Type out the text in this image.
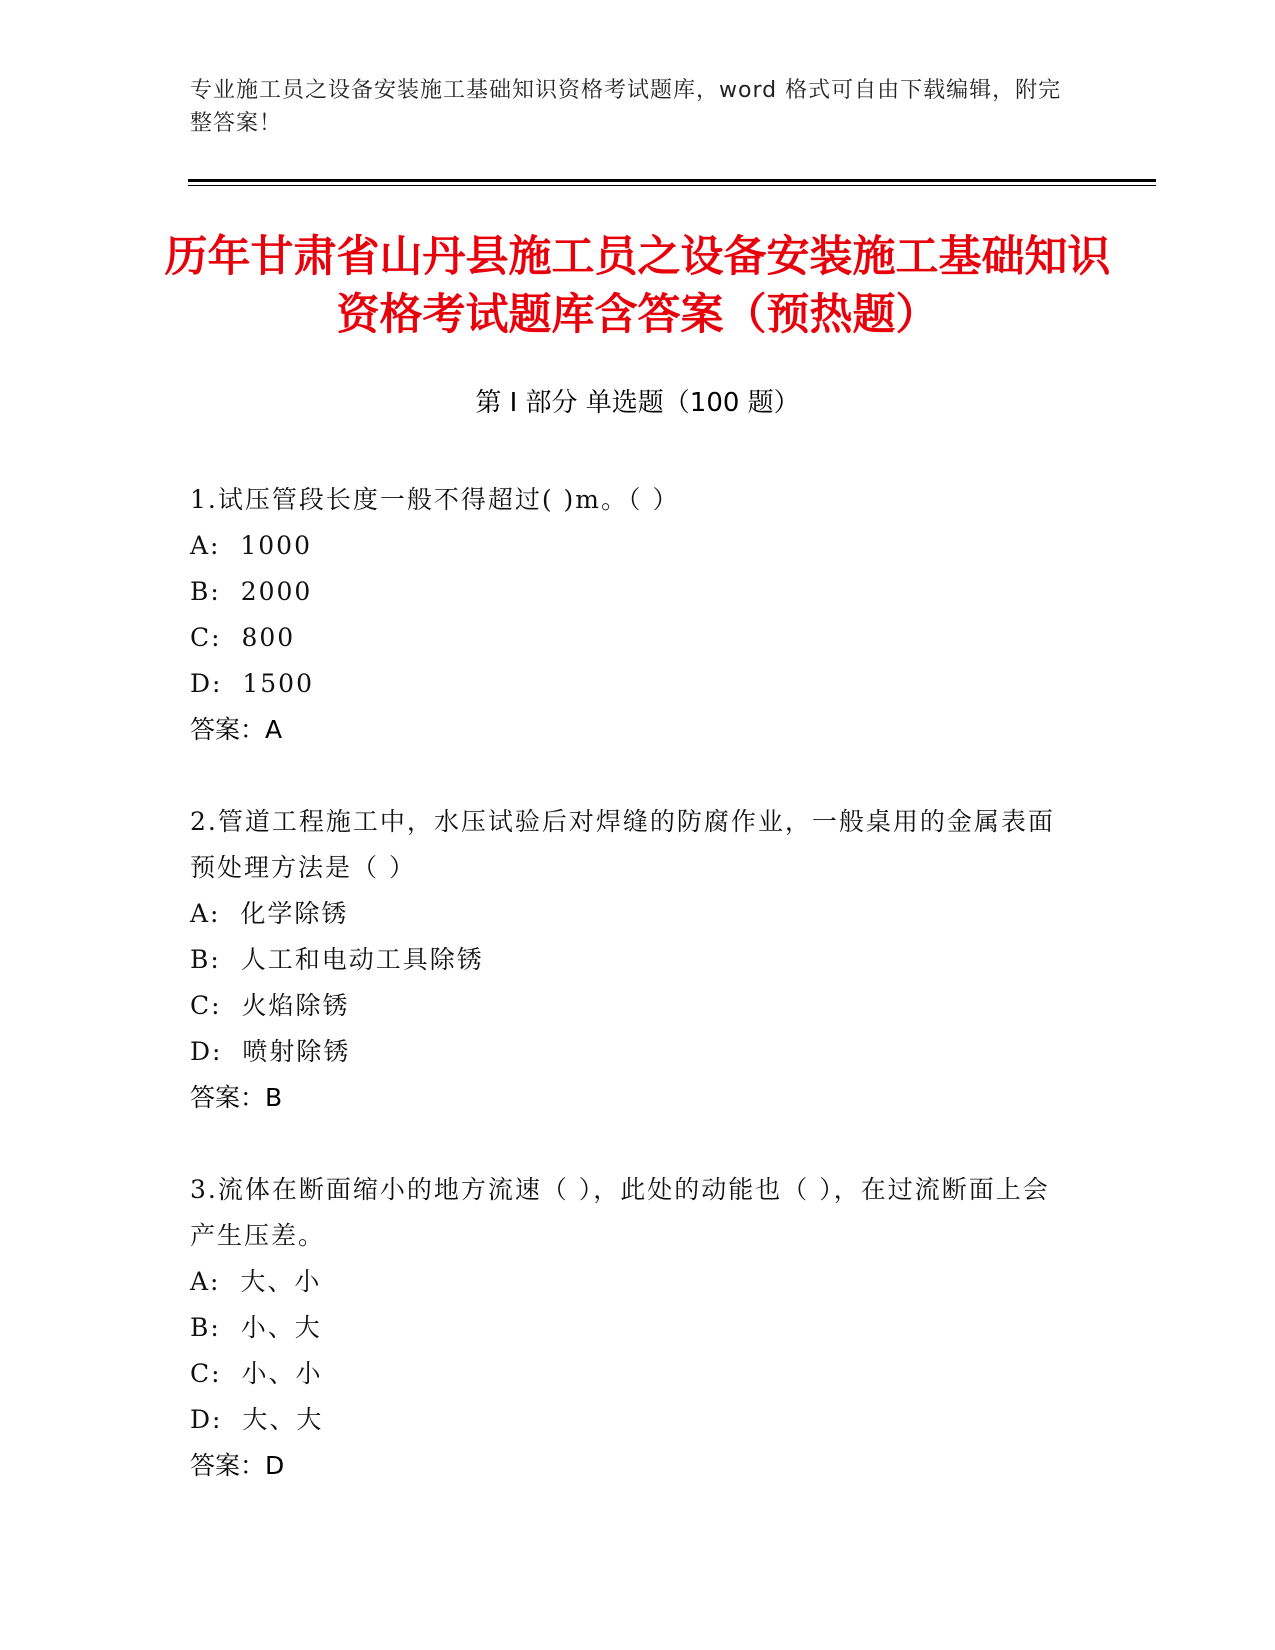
专业施工员之设备安装施工基础知识资格考试题库，word 格式可自由下载编辑，附完整答案！
历年甘肃省山丹县施工员之设备安装施工基础知识资格考试题库含答案（预热题）
第 I 部分 单选题（100 题）
1.试压管段长度一般不得超过( )m。（ ）
A:  1000
B:  2000
C:  800
D:  1500
答案：A
2.管道工程施工中，水压试验后对焊缝的防腐作业，一般桌用的金属表面预处理方法是（ ）
A:  化学除锈
B:  人工和电动工具除锈
C:  火焰除锈
D:  喷射除锈
答案：B
3.流体在断面缩小的地方流速（ ），此处的动能也（ ），在过流断面上会产生压差。
A:  大、小
B:  小、大
C:  小、小
D:  大、大
答案：D
